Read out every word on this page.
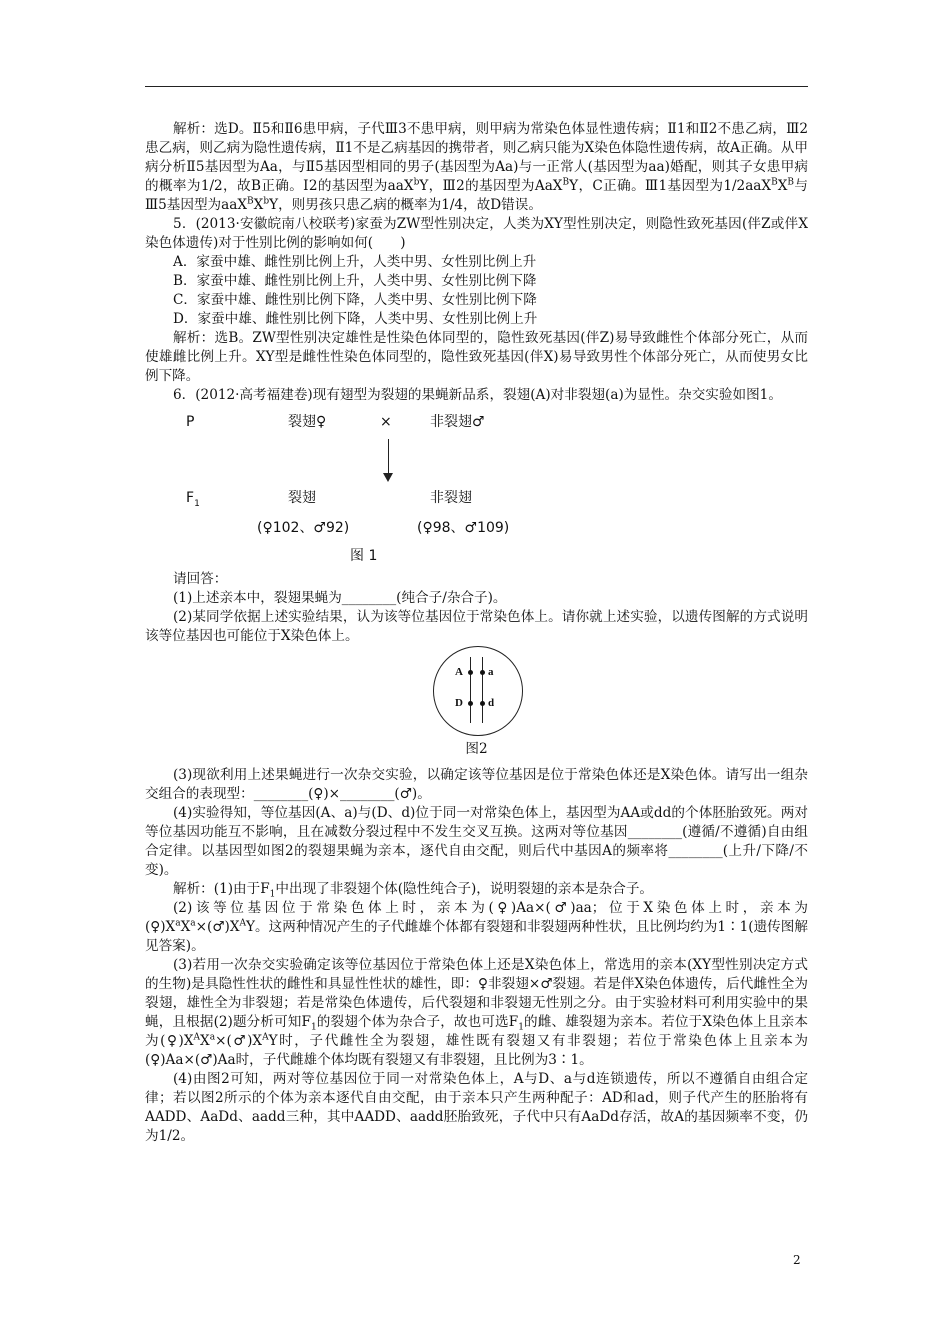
解析：选D。Ⅱ5和Ⅱ6患甲病，子代Ⅲ3不患甲病，则甲病为常染色体显性遗传病；Ⅱ1和Ⅱ2不患乙病，Ⅲ2患乙病，则乙病为隐性遗传病，Ⅱ1不是乙病基因的携带者，则乙病只能为X染色体隐性遗传病，故A正确。从甲病分析Ⅱ5基因型为Aa，与Ⅱ5基因型相同的男子(基因型为Aa)与一正常人(基因型为aa)婚配，则其子女患甲病的概率为1/2，故B正确。Ⅰ2的基因型为aaX$^b$Y，Ⅲ2的基因型为AaX$^B$Y，C正确。Ⅲ1基因型为$1/2aaX^BX^B$与Ⅲ5基因型为$aaX^BX^bY$，则男孩只患乙病的概率为1/4，故D错误。

5．(2013·安徽皖南八校联考)家蚕为ZW型性别决定，人类为XY型性别决定，则隐性致死基因(伴Z或伴X染色体遗传)对于性别比例的影响如何(　　)

A．家蚕中雄、雌性别比例上升，人类中男、女性别比例上升

B．家蚕中雄、雌性别比例上升，人类中男、女性别比例下降

C．家蚕中雄、雌性别比例下降，人类中男、女性别比例下降

D．家蚕中雄、雌性别比例下降，人类中男、女性别比例上升

解析：选B。ZW型性别决定雄性是性染色体同型的，隐性致死基因(伴Z)易导致雌性个体部分死亡，从而使雄雌比例上升。XY型是雌性性染色体同型的，隐性致死基因(伴X)易导致男性个体部分死亡，从而使男女比例下降。

6．(2012·高考福建卷)现有翅型为裂翅的果蝇新品系，裂翅(A)对非裂翅(a)为显性。杂交实验如图1。

P	裂翅♀	×	非裂翅♂
$F_1$	裂翅	非裂翅
(♀102、♂92)	(♀98、♂109)
图 1

请回答：

(1)上述亲本中，裂翅果蝇为________(纯合子/杂合子)。

(2)某同学依据上述实验结果，认为该等位基因位于常染色体上。请你就上述实验，以遗传图解的方式说明该等位基因也可能位于X染色体上。

A a
D d
图2

(3)现欲利用上述果蝇进行一次杂交实验，以确定该等位基因是位于常染色体还是X染色体。请写出一组杂交组合的表现型：________(♀)×________(♂)。

(4)实验得知，等位基因(A、a)与(D、d)位于同一对常染色体上，基因型为AA或dd的个体胚胎致死。两对等位基因功能互不影响，且在减数分裂过程中不发生交叉互换。这两对等位基因________(遵循/不遵循)自由组合定律。以基因型如图2的裂翅果蝇为亲本，逐代自由交配，则后代中基因A的频率将________(上升/下降/不变)。

解析：(1)由于$F_1$中出现了非裂翅个体(隐性纯合子)，说明裂翅的亲本是杂合子。

(2)该等位基因位于常染色体上时，亲本为(♀)Aa×(♂)aa；位于X染色体上时，亲本为$(♀)X^aX^a\times(♂)X^AY$。这两种情况产生的子代雌雄个体都有裂翅和非裂翅两种性状，且比例均约为1∶1(遗传图解见答案)。

(3)若用一次杂交实验确定该等位基因位于常染色体上还是X染色体上，常选用的亲本(XY型性别决定方式的生物)是具隐性性状的雌性和具显性性状的雄性，即：♀非裂翅×♂裂翅。若是伴X染色体遗传，后代雌性全为裂翅，雄性全为非裂翅；若是常染色体遗传，后代裂翅和非裂翅无性别之分。由于实验材料可利用实验中的果蝇，且根据(2)题分析可知$F_1$的裂翅个体为杂合子，故也可选$F_1$的雌、雄裂翅为亲本。若位于X染色体上且亲本为$(♀)X^AX^a\times(♂)X^AY$时，子代雌性全为裂翅，雄性既有裂翅又有非裂翅；若位于常染色体上且亲本为(♀)Aa×(♂)Aa时，子代雌雄个体均既有裂翅又有非裂翅，且比例为3∶1。

(4)由图2可知，两对等位基因位于同一对常染色体上，A与D、a与d连锁遗传，所以不遵循自由组合定律；若以图2所示的个体为亲本逐代自由交配，由于亲本只产生两种配子：AD和ad，则子代产生的胚胎将有AADD、AaDd、aadd三种，其中AADD、aadd胚胎致死，子代中只有AaDd存活，故A的基因频率不变，仍为1/2。

2
